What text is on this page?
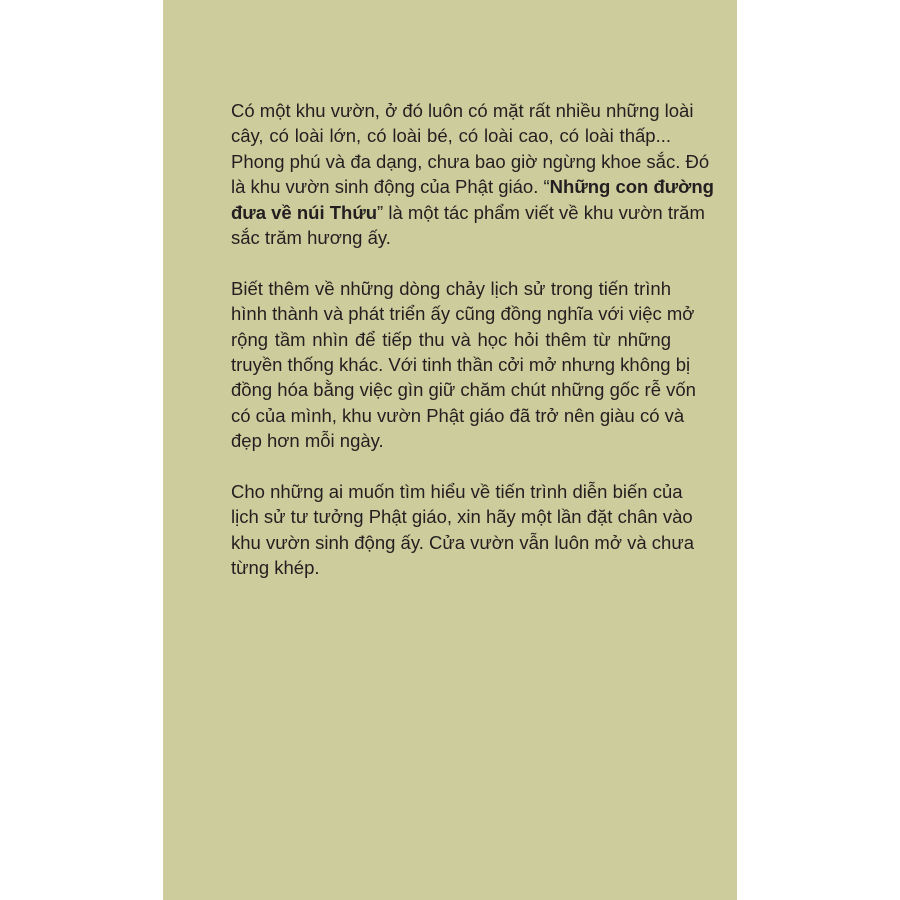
Có một khu vườn, ở đó luôn có mặt rất nhiều những loài
cây, có loài lớn, có loài bé, có loài cao, có loài thấp...
Phong phú và đa dạng, chưa bao giờ ngừng khoe sắc. Đó
là khu vườn sinh động của Phật giáo. “Những con đường
đưa về núi Thứu” là một tác phẩm viết về khu vườn trăm
sắc trăm hương ấy.

Biết thêm về những dòng chảy lịch sử trong tiến trình
hình thành và phát triển ấy cũng đồng nghĩa với việc mở
rộng tầm nhìn để tiếp thu và học hỏi thêm từ những
truyền thống khác. Với tinh thần cởi mở nhưng không bị
đồng hóa bằng việc gìn giữ chăm chút những gốc rễ vốn
có của mình, khu vườn Phật giáo đã trở nên giàu có và
đẹp hơn mỗi ngày.

Cho những ai muốn tìm hiểu về tiến trình diễn biến của
lịch sử tư tưởng Phật giáo, xin hãy một lần đặt chân vào
khu vườn sinh động ấy. Cửa vườn vẫn luôn mở và chưa
từng khép.
